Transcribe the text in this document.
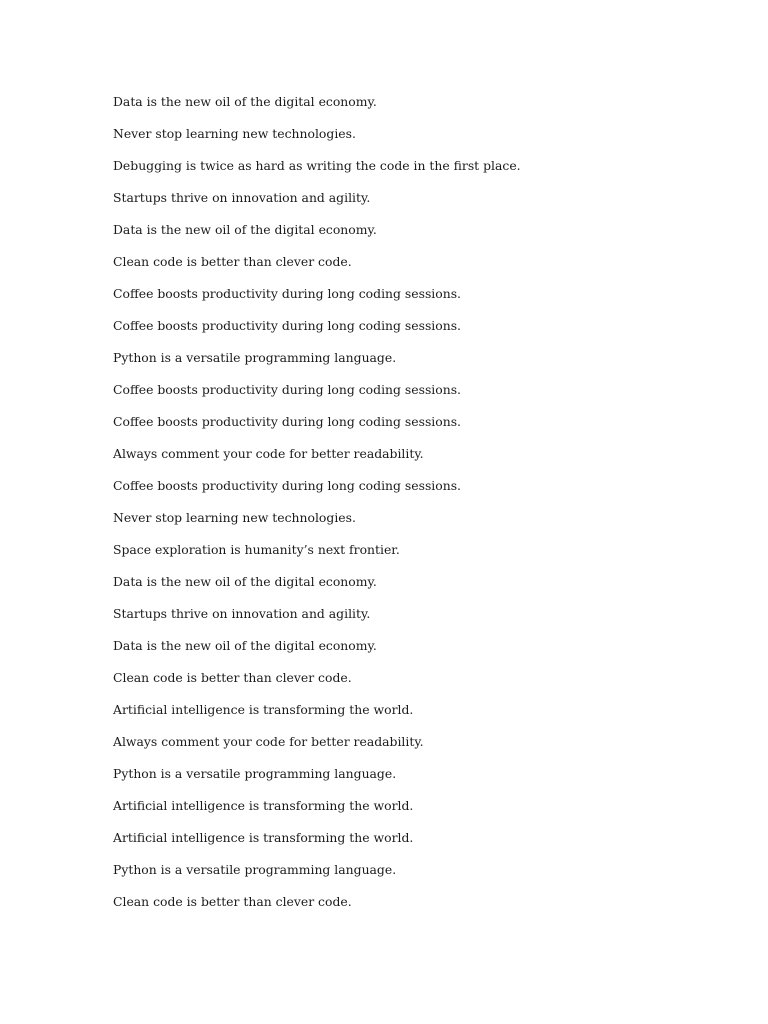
Data is the new oil of the digital economy.
Never stop learning new technologies.
Debugging is twice as hard as writing the code in the first place.
Startups thrive on innovation and agility.
Data is the new oil of the digital economy.
Clean code is better than clever code.
Coffee boosts productivity during long coding sessions.
Coffee boosts productivity during long coding sessions.
Python is a versatile programming language.
Coffee boosts productivity during long coding sessions.
Coffee boosts productivity during long coding sessions.
Always comment your code for better readability.
Coffee boosts productivity during long coding sessions.
Never stop learning new technologies.
Space exploration is humanity’s next frontier.
Data is the new oil of the digital economy.
Startups thrive on innovation and agility.
Data is the new oil of the digital economy.
Clean code is better than clever code.
Artificial intelligence is transforming the world.
Always comment your code for better readability.
Python is a versatile programming language.
Artificial intelligence is transforming the world.
Artificial intelligence is transforming the world.
Python is a versatile programming language.
Clean code is better than clever code.
